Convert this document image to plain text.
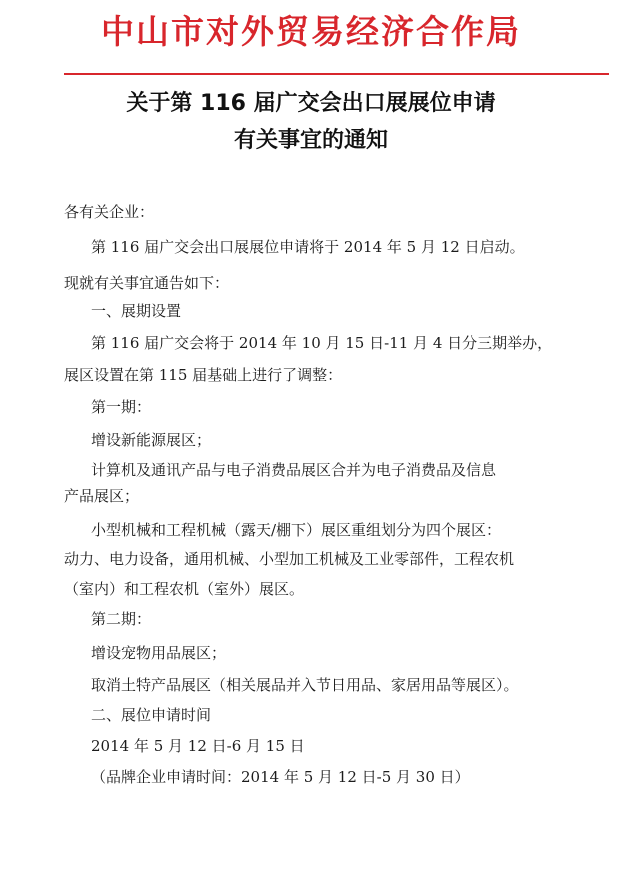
中山市对外贸易经济合作局
关于第 116 届广交会出口展展位申请
有关事宜的通知
各有关企业：
第 116 届广交会出口展展位申请将于 2014 年 5 月 12 日启动。
现就有关事宜通告如下：
一、展期设置
第 116 届广交会将于 2014 年 10 月 15 日-11 月 4 日分三期举办，
展区设置在第 115 届基础上进行了调整：
第一期：
增设新能源展区；
计算机及通讯产品与电子消费品展区合并为电子消费品及信息
产品展区；
小型机械和工程机械（露天/棚下）展区重组划分为四个展区：
动力、电力设备，通用机械、小型加工机械及工业零部件，工程农机
（室内）和工程农机（室外）展区。
第二期：
增设宠物用品展区；
取消土特产品展区（相关展品并入节日用品、家居用品等展区）。
二、展位申请时间
2014 年 5 月 12 日-6 月 15 日
（品牌企业申请时间：2014 年 5 月 12 日-5 月 30 日）
